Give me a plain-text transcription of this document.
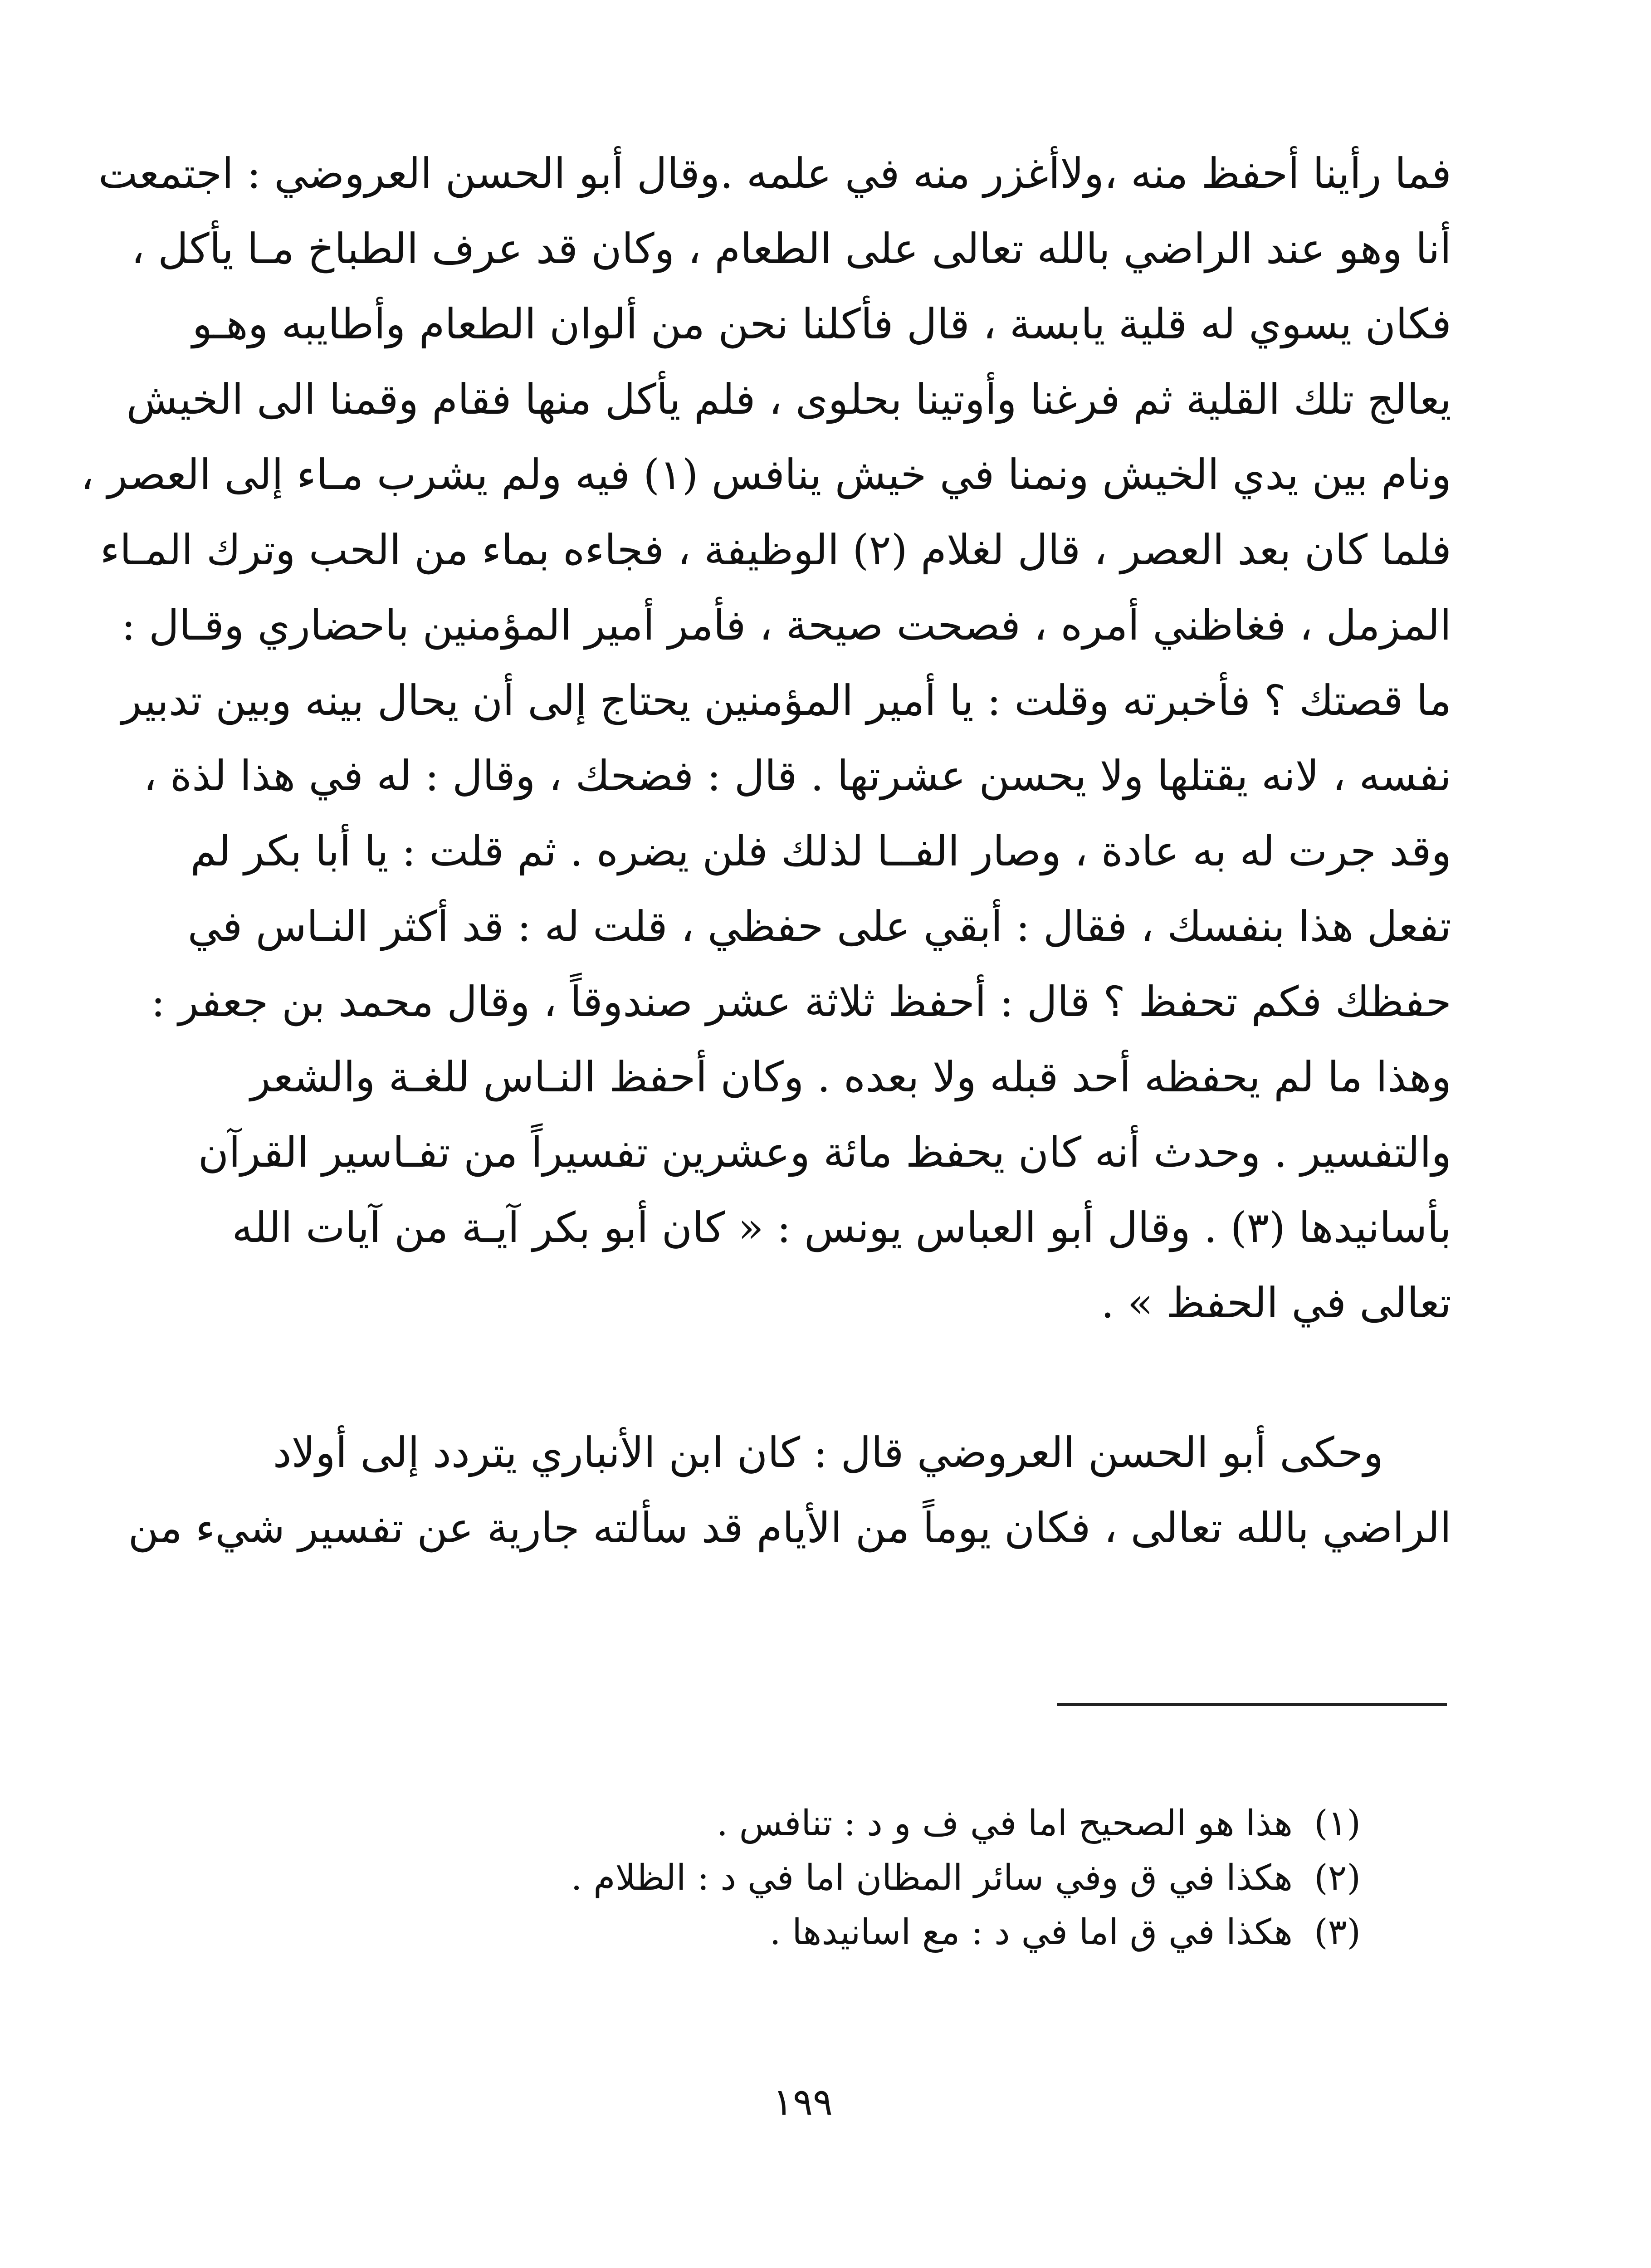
فما رأينا أحفظ منه ،ولاأغزر منه في علمه .وقال أبو الحسن العروضي : اجتمعت
أنا وهو عند الراضي بالله تعالى على الطعام ، وكان قد عرف الطباخ مـا يأكل ،
فكان يسوي له قلية يابسة ، قال فأكلنا نحن من ألوان الطعام وأطايبه وهـو
يعالج تلك القلية ثم فرغنا وأوتينا بحلوى ، فلم يأكل منها فقام وقمنا الى الخيش
ونام بين يدي الخيش ونمنا في خيش ينافس (١) فيه ولم يشرب مـاء إلى العصر ،
فلما كان بعد العصر ، قال لغلام (٢) الوظيفة ، فجاءه بماء من الحب وترك المـاء
المزمل ، فغاظني أمره ، فصحت صيحة ، فأمر أمير المؤمنين باحضاري وقـال :
ما قصتك ؟ فأخبرته وقلت : يا أمير المؤمنين يحتاج إلى أن يحال بينه وبين تدبير
نفسه ، لانه يقتلها ولا يحسن عشرتها . قال : فضحك ، وقال : له في هذا لذة ،
وقد جرت له به عادة ، وصار الفــا لذلك فلن يضره . ثم قلت : يا أبا بكر لم
تفعل هذا بنفسك ، فقال : أبقي على حفظي ، قلت له : قد أكثر النـاس في
حفظك فكم تحفظ ؟ قال : أحفظ ثلاثة عشر صندوقاً ، وقال محمد بن جعفر :
وهذا ما لم يحفظه أحد قبله ولا بعده . وكان أحفظ النـاس للغـة والشعر
والتفسير . وحدث أنه كان يحفظ مائة وعشرين تفسيراً من تفـاسير القرآن
بأسانيدها (٣) . وقال أبو العباس يونس : « كان أبو بكر آيـة من آيات الله
تعالى في الحفظ » .
وحكى أبو الحسن العروضي قال : كان ابن الأنباري يتردد إلى أولاد
الراضي بالله تعالى ، فكان يوماً من الأيام قد سألته جارية عن تفسير شيء من
(١)
هذا هو الصحيح اما في ف و د : تنافس .
(٢)
هكذا في ق وفي سائر المظان اما في د : الظلام .
(٣)
هكذا في ق اما في د : مع اسانيدها .
١٩٩
